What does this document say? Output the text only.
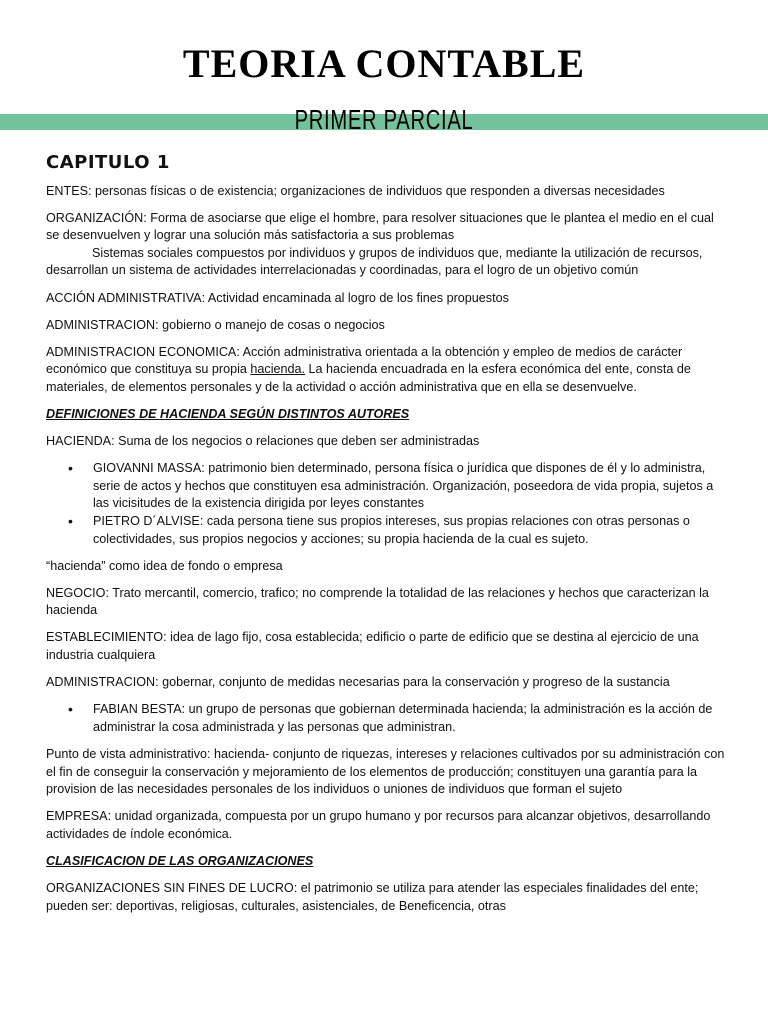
TEORIA CONTABLE
PRIMER PARCIAL
CAPITULO 1

ENTES: personas físicas o de existencia; organizaciones de individuos que responden a diversas necesidades

ORGANIZACIÓN: Forma de asociarse que elige el hombre, para resolver situaciones que le plantea el medio en el cual se desenvuelven y lograr una solución más satisfactoria a sus problemas

Sistemas sociales compuestos por individuos y grupos de individuos que, mediante la utilización de recursos, desarrollan un sistema de actividades interrelacionadas y coordinadas, para el logro de un objetivo común

ACCIÓN ADMINISTRATIVA: Actividad encaminada al logro de los fines propuestos

ADMINISTRACION: gobierno o manejo de cosas o negocios

ADMINISTRACION ECONOMICA: Acción administrativa orientada a la obtención y empleo de medios de carácter económico que constituya su propia hacienda. La hacienda encuadrada en la esfera económica del ente, consta de materiales, de elementos personales y de la actividad o acción administrativa que en ella se desenvuelve.

DEFINICIONES DE HACIENDA SEGÚN DISTINTOS AUTORES

HACIENDA: Suma de los negocios o relaciones que deben ser administradas

• GIOVANNI MASSA: patrimonio bien determinado, persona física o jurídica que dispones de él y lo administra, serie de actos y hechos que constituyen esa administración. Organización, poseedora de vida propia, sujetos a las vicisitudes de la existencia dirigida por leyes constantes
• PIETRO D´ALVISE: cada persona tiene sus propios intereses, sus propias relaciones con otras personas o colectividades, sus propios negocios y acciones; su propia hacienda de la cual es sujeto.

“hacienda” como idea de fondo o empresa

NEGOCIO: Trato mercantil, comercio, trafico; no comprende la totalidad de las relaciones y hechos que caracterizan la hacienda

ESTABLECIMIENTO: idea de lago fijo, cosa establecida; edificio o parte de edificio que se destina al ejercicio de una industria cualquiera

ADMINISTRACION: gobernar, conjunto de medidas necesarias para la conservación y progreso de la sustancia

• FABIAN BESTA: un grupo de personas que gobiernan determinada hacienda; la administración es la acción de administrar la cosa administrada y las personas que administran.

Punto de vista administrativo: hacienda- conjunto de riquezas, intereses y relaciones cultivados por su administración con el fin de conseguir la conservación y mejoramiento de los elementos de producción; constituyen una garantía para la provision de las necesidades personales de los individuos o uniones de individuos que forman el sujeto

EMPRESA: unidad organizada, compuesta por un grupo humano y por recursos para alcanzar objetivos, desarrollando actividades de índole económica.

CLASIFICACION DE LAS ORGANIZACIONES

ORGANIZACIONES SIN FINES DE LUCRO: el patrimonio se utiliza para atender las especiales finalidades del ente; pueden ser: deportivas, religiosas, culturales, asistenciales, de Beneficencia, otras
